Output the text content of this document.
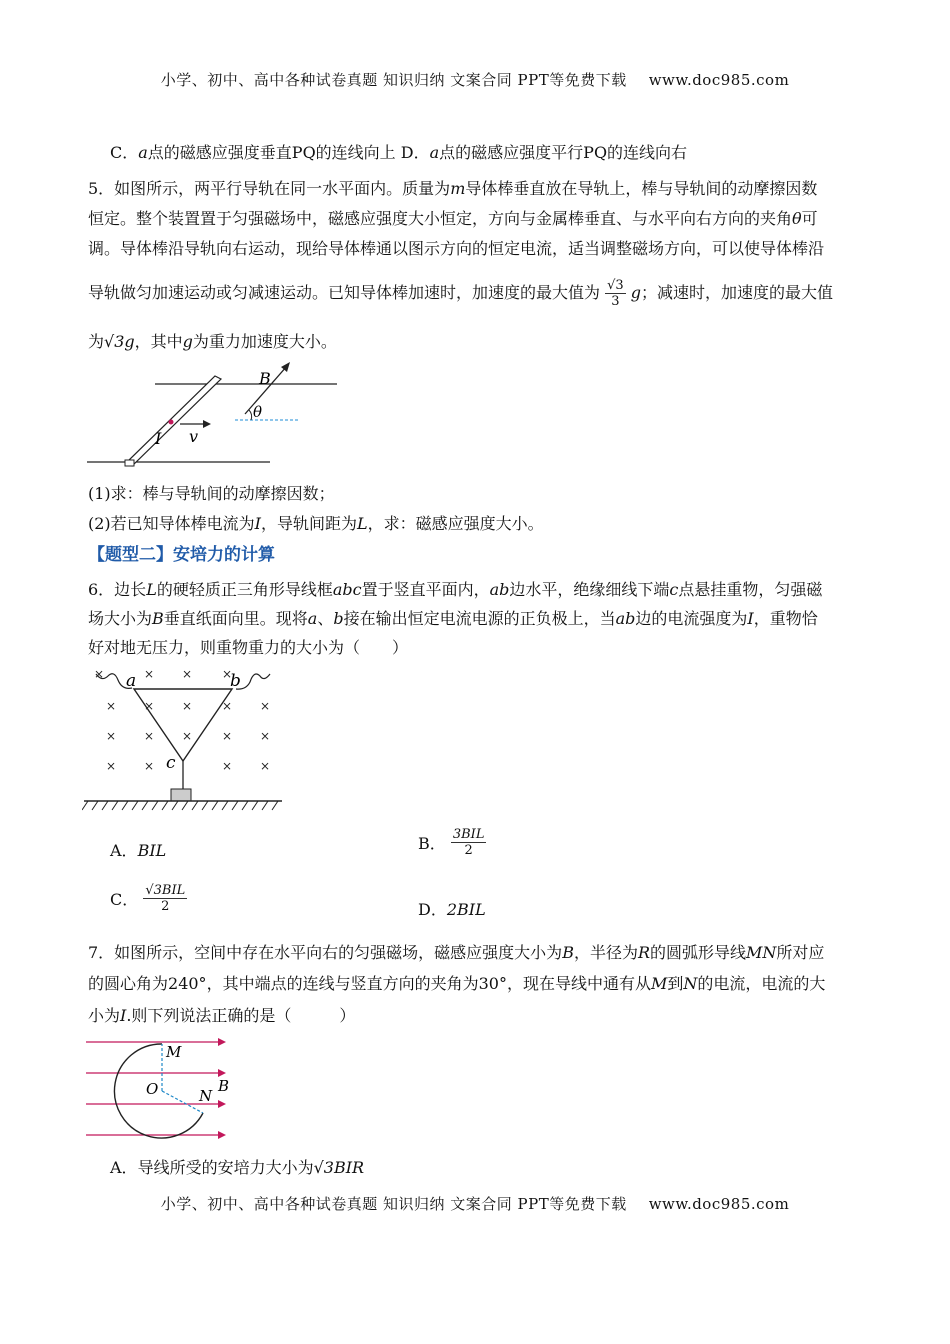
小学、初中、高中各种试卷真题 知识归纳 文案合同 PPT等免费下载 www.doc985.com
C．a点的磁感应强度垂直PQ的连线向上 D．a点的磁感应强度平行PQ的连线向右
5．如图所示，两平行导轨在同一水平面内。质量为m导体棒垂直放在导轨上，棒与导轨间的动摩擦因数
恒定。整个装置置于匀强磁场中，磁感应强度大小恒定，方向与金属棒垂直、与水平向右方向的夹角θ可
调。导体棒沿导轨向右运动，现给导体棒通以图示方向的恒定电流，适当调整磁场方向，可以使导体棒沿
导轨做匀加速运动或匀减速运动。已知导体棒加速时，加速度的最大值为 $\frac{√3}{3}$ g；减速时，加速度的最大值
为√3g，其中g为重力加速度大小。
I v
B
θ
(1)求：棒与导轨间的动摩擦因数；
(2)若已知导体棒电流为I，导轨间距为L，求：磁感应强度大小。
【题型二】安培力的计算
6．边长L的硬轻质正三角形导线框abc置于竖直平面内，ab边水平，绝缘细线下端c点悬挂重物，匀强磁
场大小为B垂直纸面向里。现将a、b接在输出恒定电流电源的正负极上，当ab边的电流强度为I，重物恰
好对地无压力，则重物重力的大小为（　　）
×	× × ×
× × × × ×
× × × × ×
× ×	× ×
a	b
c
A．BIL	B． $\frac{\text{3BIL}}{2}$
C． $\frac{\text{√3BIL}}{2}$	D．2BIL
7．如图所示，空间中存在水平向右的匀强磁场，磁感应强度大小为B，半径为R的圆弧形导线MN所对应
的圆心角为240°，其中端点的连线与竖直方向的夹角为30°，现在导线中通有从M到N的电流，电流的大
小为I.则下列说法正确的是（　　　）
M
O	N
B
A．导线所受的安培力大小为√3BIR
小学、初中、高中各种试卷真题 知识归纳 文案合同 PPT等免费下载 www.doc985.com
